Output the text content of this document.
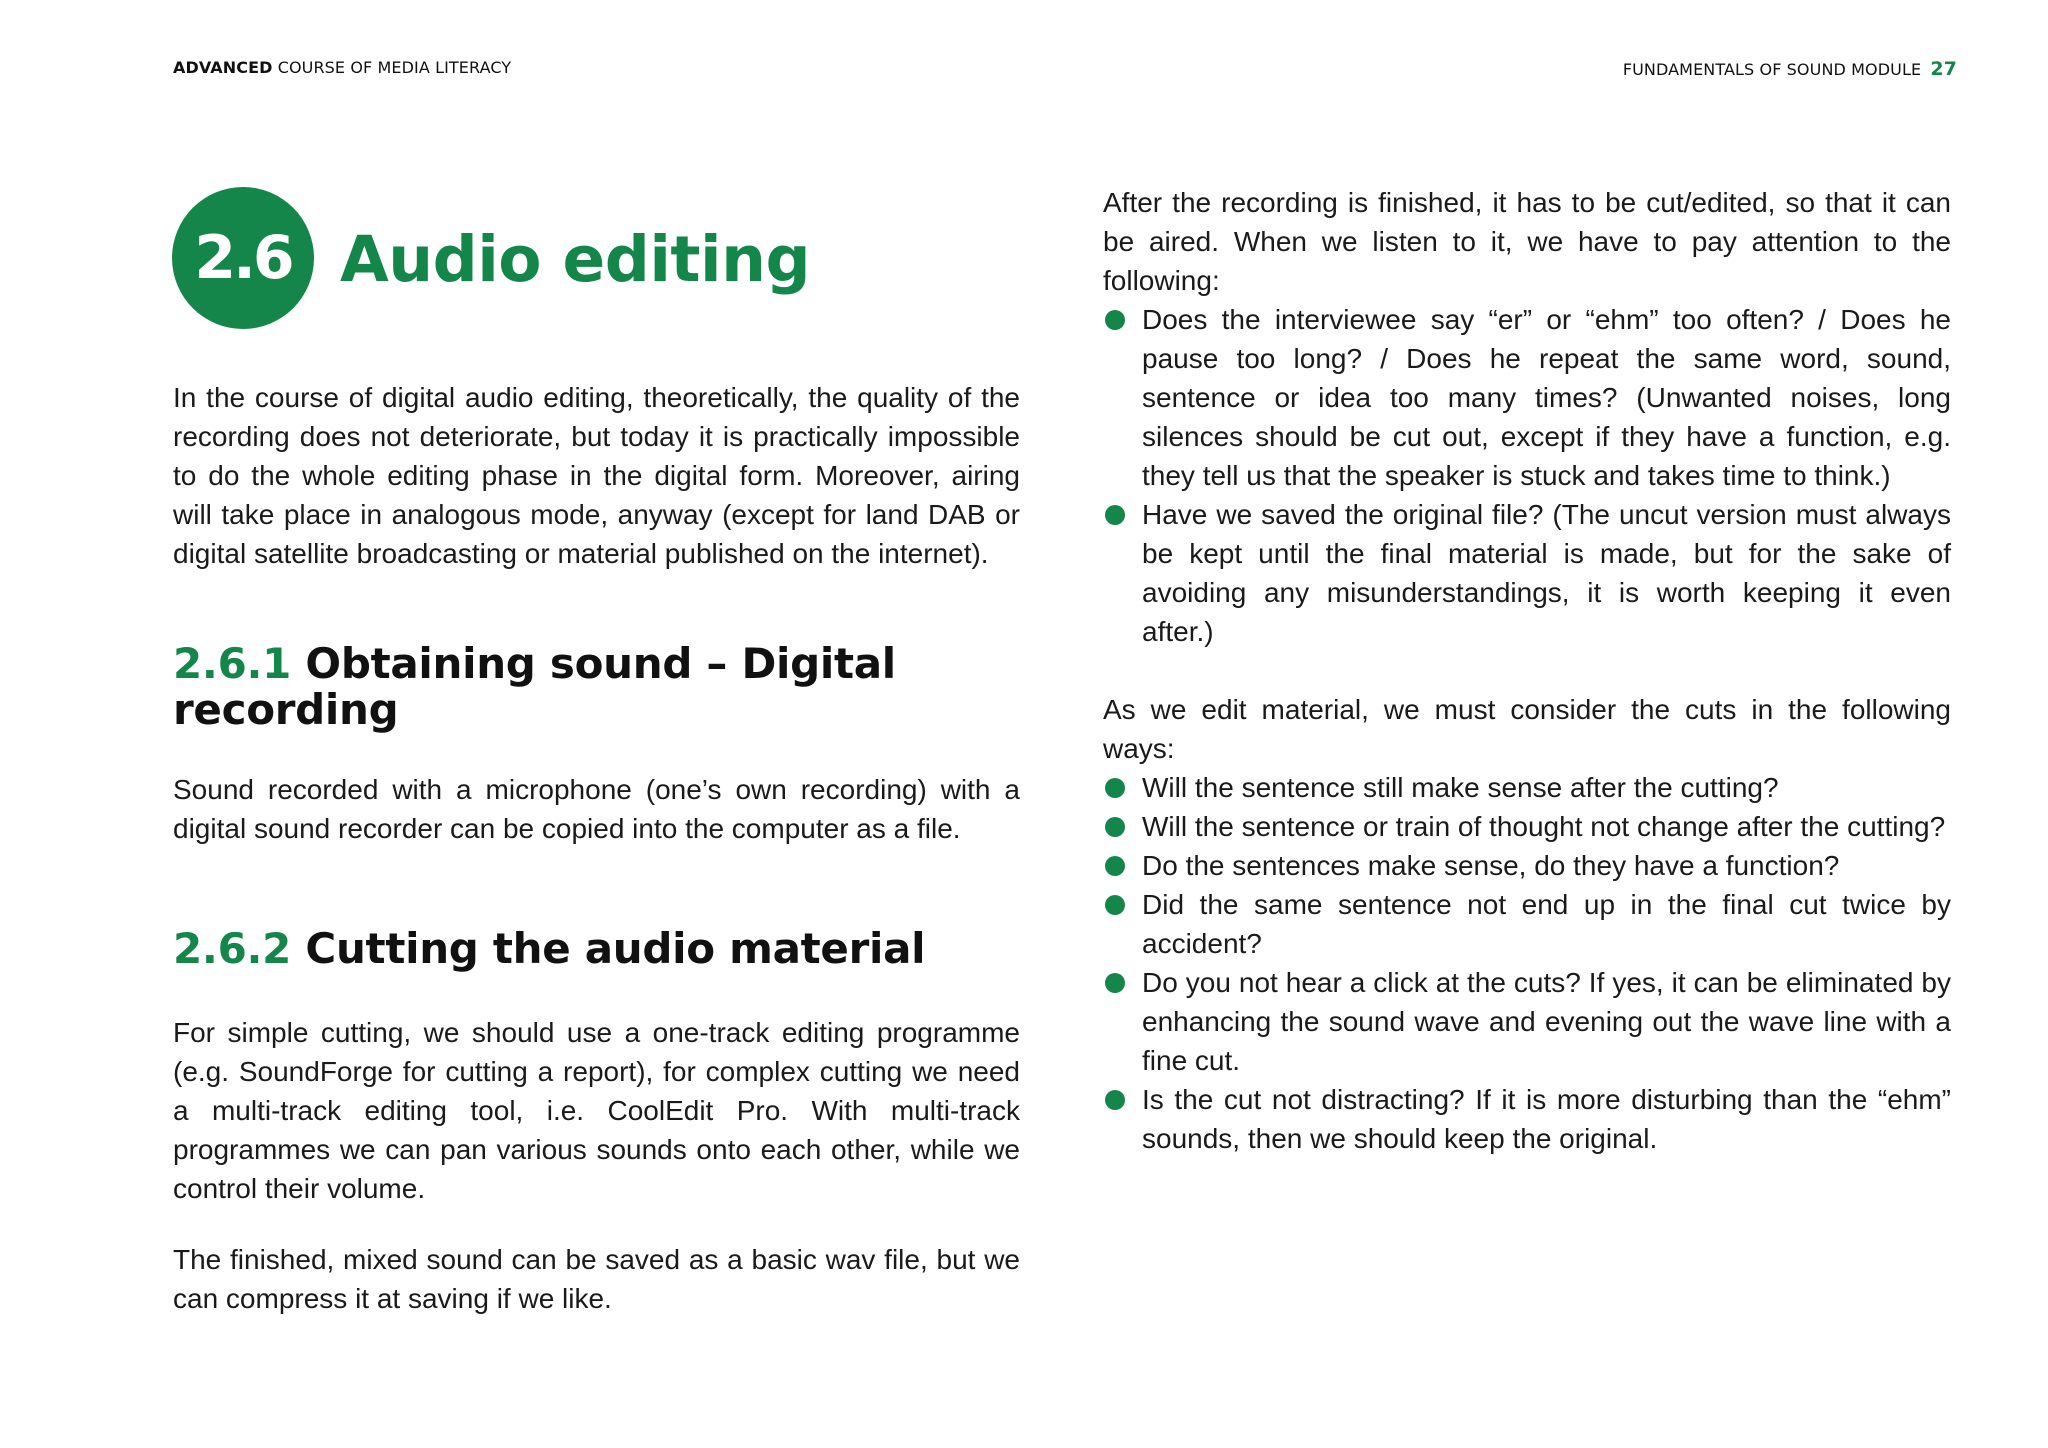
ADVANCED COURSE OF MEDIA LITERACY	FUNDAMENTALS OF SOUND MODULE 27
2.6 Audio editing

In the course of digital audio editing, theoretically, the quality of the recording does not deteriorate, but today it is practically impossible to do the whole editing phase in the digital form. Moreover, airing will take place in analogous mode, anyway (except for land DAB or digital satellite broadcasting or material published on the internet).

2.6.1 Obtaining sound – Digital recording

Sound recorded with a microphone (one’s own recording) with a digital sound recorder can be copied into the computer as a file.

2.6.2 Cutting the audio material

For simple cutting, we should use a one-track editing programme (e.g. SoundForge for cutting a report), for complex cutting we need a multi-track editing tool, i.e. CoolEdit Pro. With multi-track programmes we can pan various sounds onto each other, while we control their volume.

The finished, mixed sound can be saved as a basic wav file, but we can compress it at saving if we like.

After the recording is finished, it has to be cut/edited, so that it can be aired. When we listen to it, we have to pay attention to the following:

Does the interviewee say “er” or “ehm” too often? / Does he pause too long? / Does he repeat the same word, sound, sentence or idea too many times? (Unwanted noises, long silences should be cut out, except if they have a function, e.g. they tell us that the speaker is stuck and takes time to think.)
Have we saved the original file? (The uncut version must always be kept until the final material is made, but for the sake of avoiding any misunderstandings, it is worth keeping it even after.)

As we edit material, we must consider the cuts in the following ways:

Will the sentence still make sense after the cutting?
Will the sentence or train of thought not change after the cutting?
Do the sentences make sense, do they have a function?
Did the same sentence not end up in the final cut twice by accident?
Do you not hear a click at the cuts? If yes, it can be eliminated by enhancing the sound wave and evening out the wave line with a fine cut.
Is the cut not distracting? If it is more disturbing than the “ehm” sounds, then we should keep the original.
